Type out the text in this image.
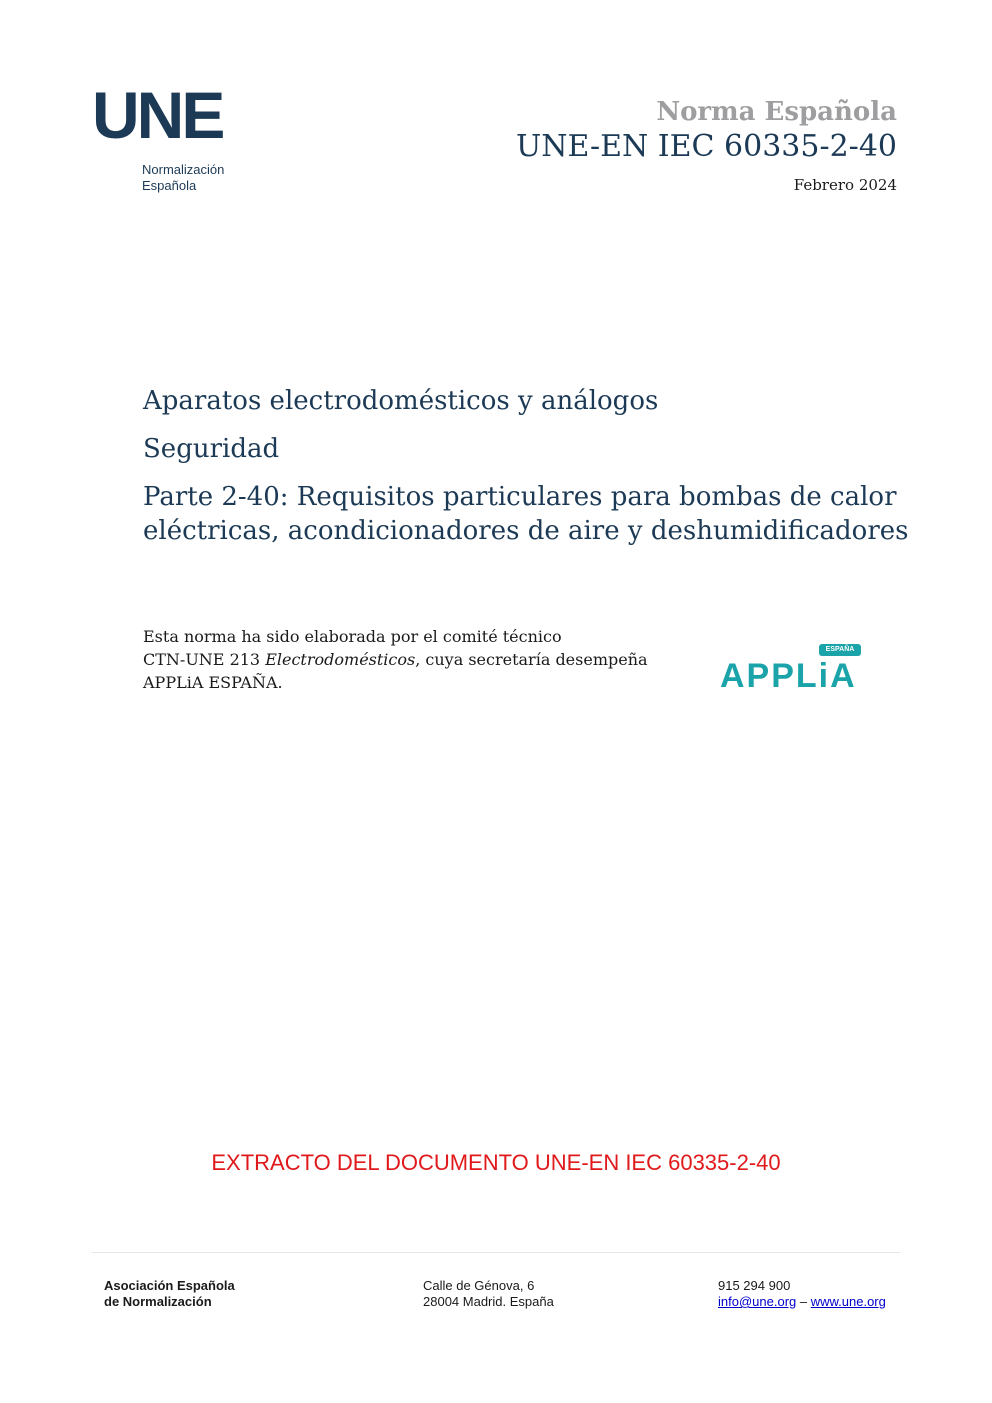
UNE
Normalización
Española
Norma Española
UNE-EN IEC 60335-2-40
Febrero 2024
Aparatos electrodomésticos y análogos
Seguridad
Parte 2-40: Requisitos particulares para bombas de calor
eléctricas, acondicionadores de aire y deshumidificadores
Esta norma ha sido elaborada por el comité técnico
CTN-UNE 213 Electrodomésticos, cuya secretaría desempeña
APPLiA ESPAÑA.
ESPAÑA
APPLiA
EXTRACTO DEL DOCUMENTO UNE-EN IEC 60335-2-40
Asociación Española
de Normalización
Calle de Génova, 6
28004 Madrid. España
915 294 900
info@une.org – www.une.org
